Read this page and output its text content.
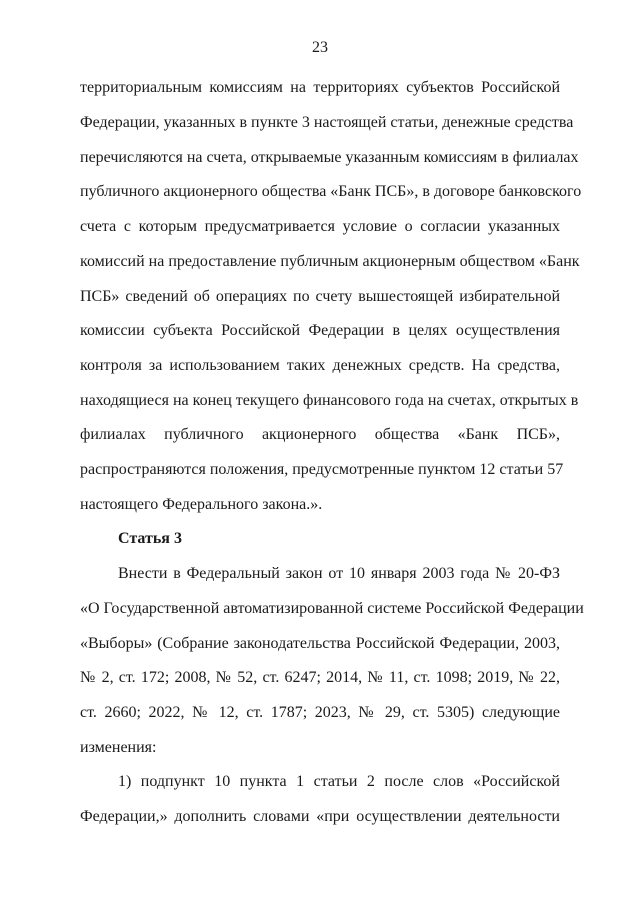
23
территориальным комиссиям на территориях субъектов Российской
Федерации, указанных в пункте 3 настоящей статьи, денежные средства
перечисляются на счета, открываемые указанным комиссиям в филиалах
публичного акционерного общества «Банк ПСБ», в договоре банковского
счета с которым предусматривается условие о согласии указанных
комиссий на предоставление публичным акционерным обществом «Банк
ПСБ» сведений об операциях по счету вышестоящей избирательной
комиссии субъекта Российской Федерации в целях осуществления
контроля за использованием таких денежных средств. На средства,
находящиеся на конец текущего финансового года на счетах, открытых в
филиалах публичного акционерного общества «Банк ПСБ»,
распространяются положения, предусмотренные пунктом 12 статьи 57
настоящего Федерального закона.».
Статья 3
Внести в Федеральный закон от 10 января 2003 года № 20-ФЗ
«О Государственной автоматизированной системе Российской Федерации
«Выборы» (Собрание законодательства Российской Федерации, 2003,
№ 2, ст. 172; 2008, № 52, ст. 6247; 2014, № 11, ст. 1098; 2019, № 22,
ст. 2660; 2022, № 12, ст. 1787; 2023, № 29, ст. 5305) следующие
изменения:
1) подпункт 10 пункта 1 статьи 2 после слов «Российской
Федерации,» дополнить словами «при осуществлении деятельности
